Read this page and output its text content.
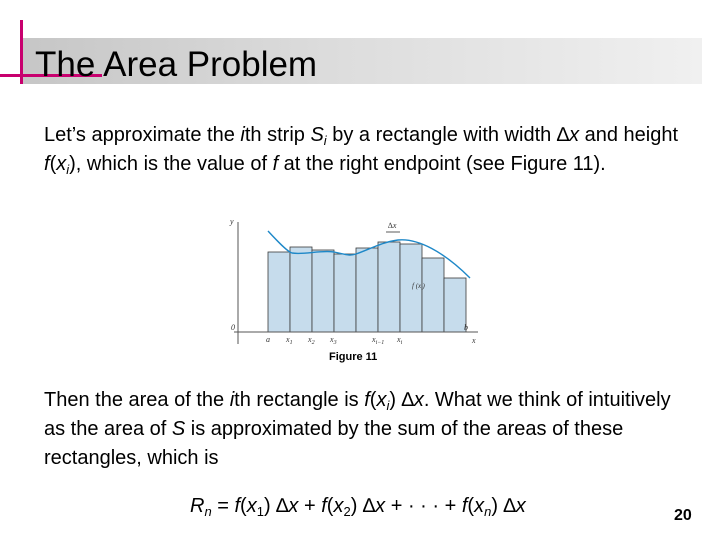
The Area Problem
Let’s approximate the ith strip $S_i$ by a rectangle with width ∆x and height $f(x_i)$, which is the value of f at the right endpoint (see Figure 11).
∆x
y
x
0
a $x_1$ $x_2$ $x_3$	$x_{i-1}$ $x_i$
b
f $(x_i)$
Figure 11
Then the area of the ith rectangle is $f(x_i)$ ∆x. What we think of intuitively as the area of S is approximated by the sum of the areas of these rectangles, which is
$R_n = f(x_1) \Delta x + f(x_2) \Delta x$ + · · · + $f(x_n)$ ∆x	20
